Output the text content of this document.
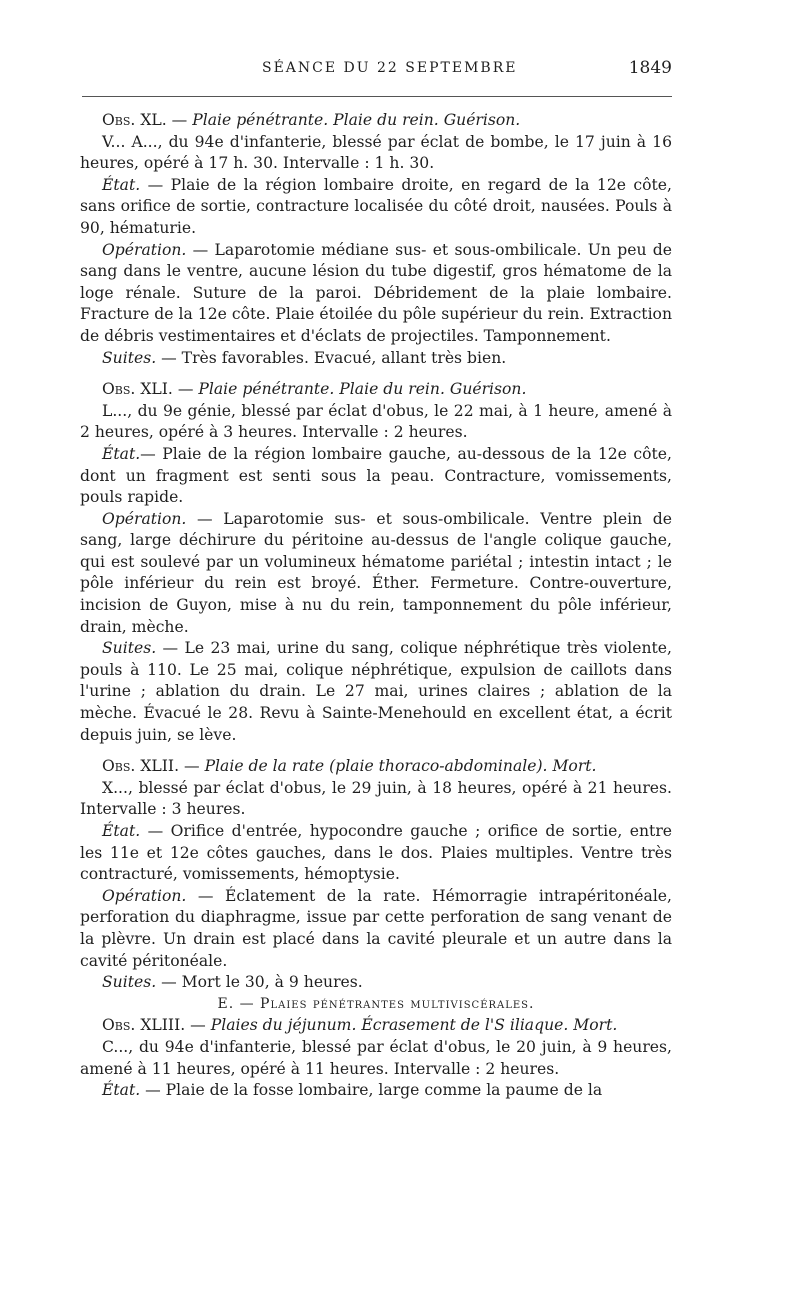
SÉANCE DU 22 SEPTEMBRE	1849

Obs. XL. — Plaie pénétrante. Plaie du rein. Guérison.

V... A..., du 94e d'infanterie, blessé par éclat de bombe, le 17 juin à 16 heures, opéré à 17 h. 30. Intervalle : 1 h. 30.

État. — Plaie de la région lombaire droite, en regard de la 12e côte, sans orifice de sortie, contracture localisée du côté droit, nausées. Pouls à 90, hématurie.

Opération. — Laparotomie médiane sus- et sous-ombilicale. Un peu de sang dans le ventre, aucune lésion du tube digestif, gros hématome de la loge rénale. Suture de la paroi. Débridement de la plaie lombaire. Fracture de la 12e côte. Plaie étoilée du pôle supérieur du rein. Extraction de débris vestimentaires et d'éclats de projectiles. Tamponnement.

Suites. — Très favorables. Evacué, allant très bien.

Obs. XLI. — Plaie pénétrante. Plaie du rein. Guérison.

L..., du 9e génie, blessé par éclat d'obus, le 22 mai, à 1 heure, amené à 2 heures, opéré à 3 heures. Intervalle : 2 heures.

État.— Plaie de la région lombaire gauche, au-dessous de la 12e côte, dont un fragment est senti sous la peau. Contracture, vomissements, pouls rapide.

Opération. — Laparotomie sus- et sous-ombilicale. Ventre plein de sang, large déchirure du péritoine au-dessus de l'angle colique gauche, qui est soulevé par un volumineux hématome pariétal ; intestin intact ; le pôle inférieur du rein est broyé. Éther. Fermeture. Contre-ouverture, incision de Guyon, mise à nu du rein, tamponnement du pôle inférieur, drain, mèche.

Suites. — Le 23 mai, urine du sang, colique néphrétique très violente, pouls à 110. Le 25 mai, colique néphrétique, expulsion de caillots dans l'urine ; ablation du drain. Le 27 mai, urines claires ; ablation de la mèche. Évacué le 28. Revu à Sainte-Menehould en excellent état, a écrit depuis juin, se lève.

Obs. XLII. — Plaie de la rate (plaie thoraco-abdominale). Mort.

X..., blessé par éclat d'obus, le 29 juin, à 18 heures, opéré à 21 heures. Intervalle : 3 heures.

État. — Orifice d'entrée, hypocondre gauche ; orifice de sortie, entre les 11e et 12e côtes gauches, dans le dos. Plaies multiples. Ventre très contracturé, vomissements, hémoptysie.

Opération. — Éclatement de la rate. Hémorragie intrapéritonéale, perforation du diaphragme, issue par cette perforation de sang venant de la plèvre. Un drain est placé dans la cavité pleurale et un autre dans la cavité péritonéale.

Suites. — Mort le 30, à 9 heures.

E. — Plaies pénétrantes multiviscérales.

Obs. XLIII. — Plaies du jéjunum. Écrasement de l'S iliaque. Mort.

C..., du 94e d'infanterie, blessé par éclat d'obus, le 20 juin, à 9 heures, amené à 11 heures, opéré à 11 heures. Intervalle : 2 heures.

État. — Plaie de la fosse lombaire, large comme la paume de la
